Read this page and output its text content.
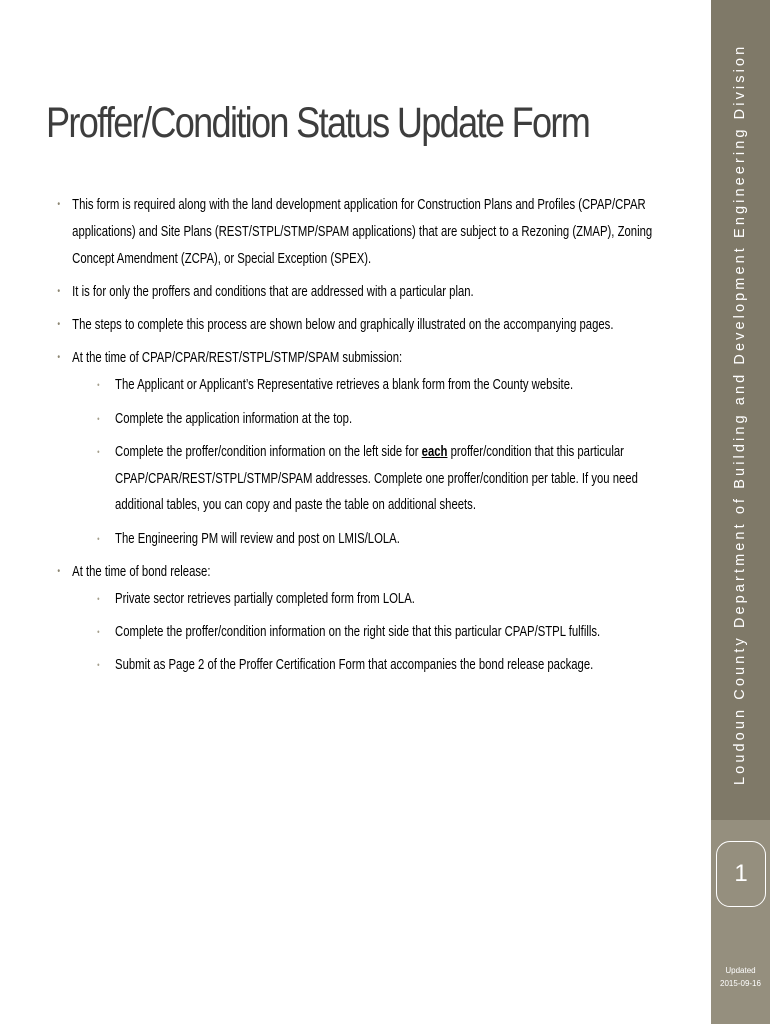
Proffer/Condition Status Update Form
• This form is required along with the land development application for Construction Plans and Profiles (CPAP/CPAR applications) and Site Plans (REST/STPL/STMP/SPAM applications) that are subject to a Rezoning (ZMAP), Zoning Concept Amendment (ZCPA), or Special Exception (SPEX).
• It is for only the proffers and conditions that are addressed with a particular plan.
• The steps to complete this process are shown below and graphically illustrated on the accompanying pages.
• At the time of CPAP/CPAR/REST/STPL/STMP/SPAM submission:
• The Applicant or Applicant’s Representative retrieves a blank form from the County website.
• Complete the application information at the top.
• Complete the proffer/condition information on the left side for each proffer/condition that this particular CPAP/CPAR/REST/STPL/STMP/SPAM addresses. Complete one proffer/condition per table. If you need additional tables, you can copy and paste the table on additional sheets.
• The Engineering PM will review and post on LMIS/LOLA.
• At the time of bond release:
• Private sector retrieves partially completed form from LOLA.
• Complete the proffer/condition information on the right side that this particular CPAP/STPL fulfills.
• Submit as Page 2 of the Proffer Certification Form that accompanies the bond release package.	Loudoun County Department of Building and Development Engineering Division
1
Updated
2015-09-16
